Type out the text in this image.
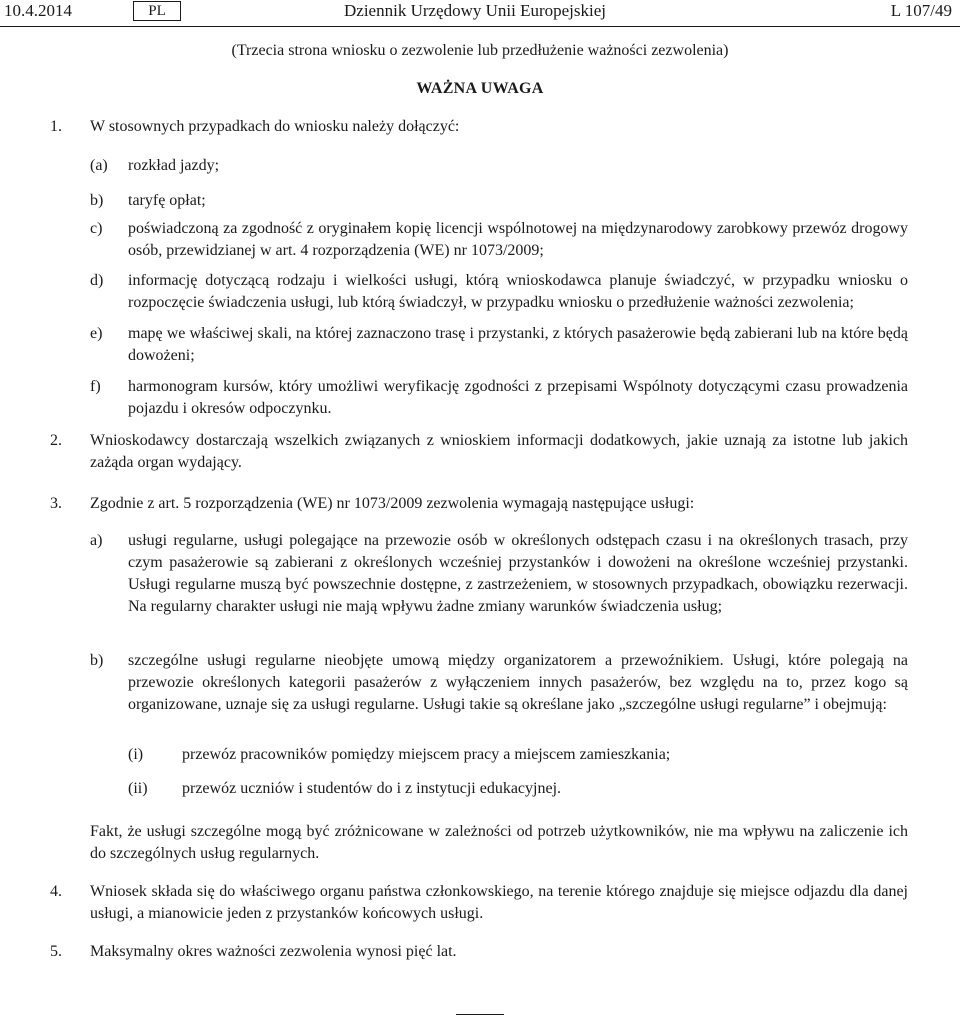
10.4.2014	PL	Dziennik Urzędowy Unii Europejskiej	L 107/49
(Trzecia strona wniosku o zezwolenie lub przedłużenie ważności zezwolenia)
WAŻNA UWAGA
1. W stosownych przypadkach do wniosku należy dołączyć:
(a) rozkład jazdy;
b) taryfę opłat;
c) poświadczoną za zgodność z oryginałem kopię licencji wspólnotowej na międzynarodowy zarobkowy przewóz drogowy osób, przewidzianej w art. 4 rozporządzenia (WE) nr 1073/2009;
d) informację dotyczącą rodzaju i wielkości usługi, którą wnioskodawca planuje świadczyć, w przypadku wniosku o rozpoczęcie świadczenia usługi, lub którą świadczył, w przypadku wniosku o przedłużenie ważności zezwolenia;
e) mapę we właściwej skali, na której zaznaczono trasę i przystanki, z których pasażerowie będą zabierani lub na które będą dowożeni;
f) harmonogram kursów, który umożliwi weryfikację zgodności z przepisami Wspólnoty dotyczącymi czasu prowadzenia pojazdu i okresów odpoczynku.
2. Wnioskodawcy dostarczają wszelkich związanych z wnioskiem informacji dodatkowych, jakie uznają za istotne lub jakich zażąda organ wydający.
3. Zgodnie z art. 5 rozporządzenia (WE) nr 1073/2009 zezwolenia wymagają następujące usługi:
a) usługi regularne, usługi polegające na przewozie osób w określonych odstępach czasu i na określonych trasach, przy czym pasażerowie są zabierani z określonych wcześniej przystanków i dowożeni na określone wcześniej przystanki. Usługi regularne muszą być powszechnie dostępne, z zastrzeżeniem, w stosownych przypadkach, obowiązku rezerwacji. Na regularny charakter usługi nie mają wpływu żadne zmiany warunków świadczenia usług;
b) szczególne usługi regularne nieobjęte umową między organizatorem a przewoźnikiem. Usługi, które polegają na przewozie określonych kategorii pasażerów z wyłączeniem innych pasażerów, bez względu na to, przez kogo są organizowane, uznaje się za usługi regularne. Usługi takie są określane jako „szczególne usługi regularne” i obejmują:
(i) przewóz pracowników pomiędzy miejscem pracy a miejscem zamieszkania;
(ii) przewóz uczniów i studentów do i z instytucji edukacyjnej.
Fakt, że usługi szczególne mogą być zróżnicowane w zależności od potrzeb użytkowników, nie ma wpływu na zaliczenie ich do szczególnych usług regularnych.
4. Wniosek składa się do właściwego organu państwa członkowskiego, na terenie którego znajduje się miejsce odjazdu dla danej usługi, a mianowicie jeden z przystanków końcowych usługi.
5. Maksymalny okres ważności zezwolenia wynosi pięć lat.
